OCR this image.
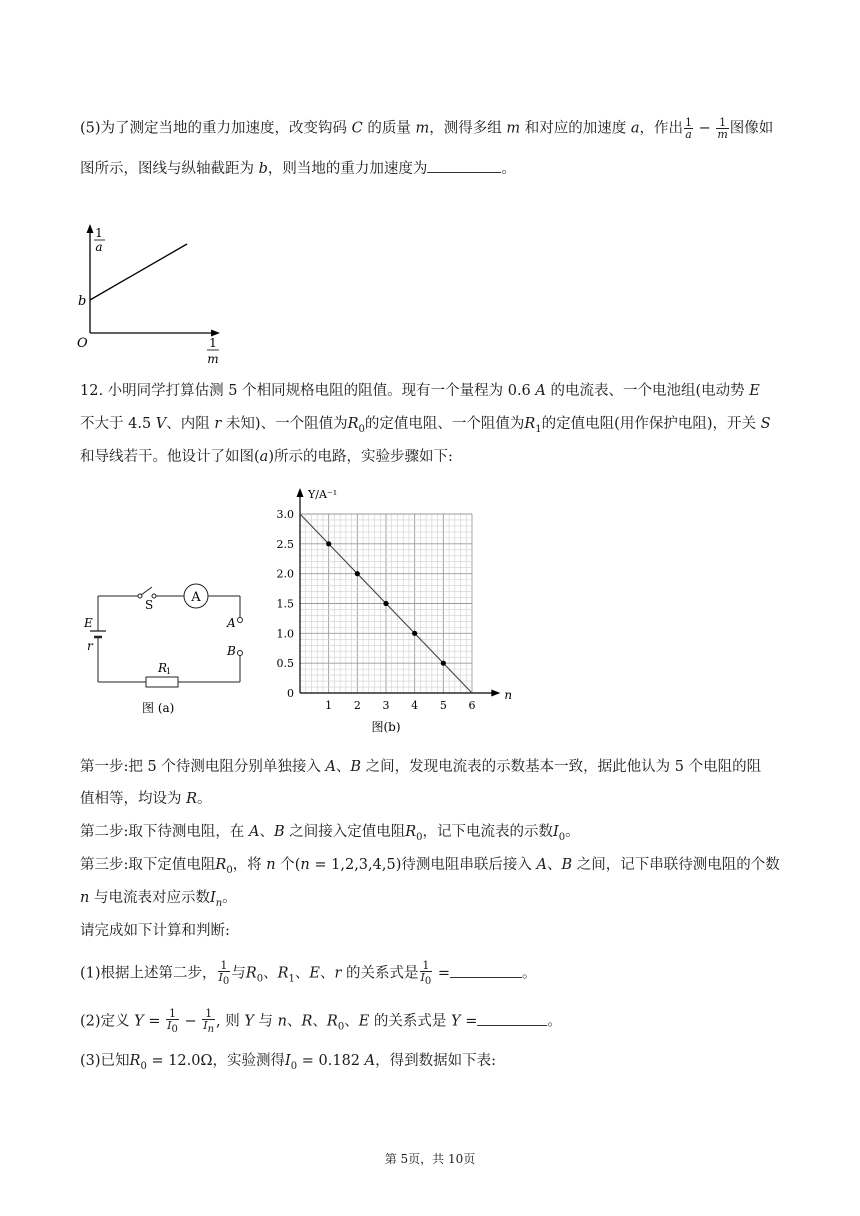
(5)为了测定当地的重力加速度，改变钩码 C 的质量 m，测得多组 m 和对应的加速度 a，作出 $\frac{1}{a} - \frac{1}{m}$ 图像如
图所示，图线与纵轴截距为 b，则当地的重力加速度为	。
1
a
b
O	1
m
12. 小明同学打算估测 5 个相同规格电阻的阻值。现有一个量程为 0.6 A 的电流表、一个电池组(电动势 E
不大于 4.5 V、内阻 r 未知)、一个阻值为$R_0$的定值电阻、一个阻值为$R_1$的定值电阻(用作保护电阻)，开关 S
和导线若干。他设计了如图(a)所示的电路，实验步骤如下:
S	A
A
B
R
1
E
r
图 (a)
0
0.5
1.0
1.5
2.0
2.5
3.0
1 2 3 4 5 6
Y/A⁻¹
n
图(b)
第一步:把 5 个待测电阻分别单独接入 A、B 之间，发现电流表的示数基本一致，据此他认为 5 个电阻的阻
值相等，均设为 R。
第二步:取下待测电阻，在 A、B 之间接入定值电阻$R_0$，记下电流表的示数$I_0$。
第三步:取下定值电阻$R_0$，将 n 个(n = 1,2,3,4,5)待测电阻串联后接入 A、B 之间，记下串联待测电阻的个数
n 与电流表对应示数$I_n$。
请完成如下计算和判断:
(1)根据上述第二步， $\frac{1}{I_0}$ 与$R_0$、$R_1$、E、r 的关系式是 $\frac{1}{I_0}$ =	。
(2)定义 $Y = \frac{1}{I_0} - \frac{1}{I_n}$ , 则 Y 与 n、R、$R_0$、E 的关系式是 Y =	。
(3)已知$R_0 = 12.0\Omega$，实验测得$I_0 = 0.182$ A，得到数据如下表:
第 5页，共 10页
